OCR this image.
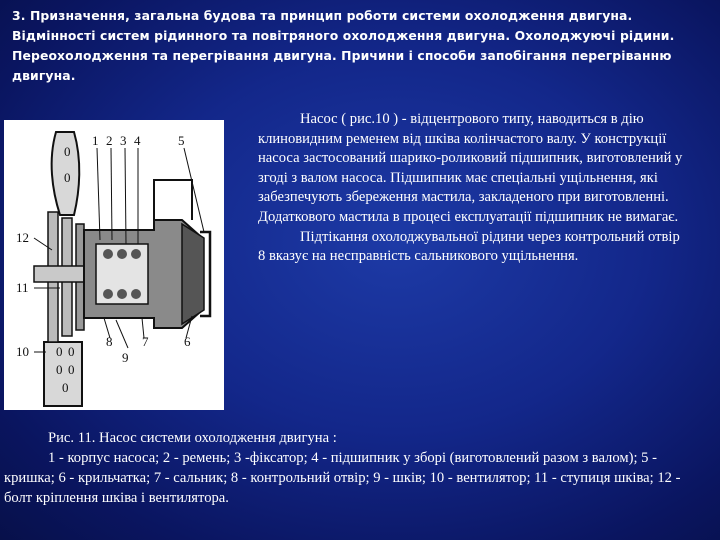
3. Призначення, загальна будова та принцип роботи системи охолодження двигуна. Відмінності систем рідинного та повітряного охолодження двигуна. Охолоджуючі рідини. Переохолодження та перегрівання двигуна. Причини і способи запобігання перегріванню двигуна.
0
0
0 0
0 0
0
1 2 3 4	5
12
11
10	9
8 7	6

Насос ( рис.10 ) - відцентрового типу, наводиться в дію клиновидним ременем від шківа колінчастого валу. У конструкції насоса застосований шарико-роликовий підшипник, виготовлений у згоді з валом насоса. Підшипник має спеціальні ущільнення, які забезпечують збереження мастила, закладеного при виготовленні. Додаткового мастила в процесі експлуатації підшипник не вимагає.

Підтікання охолоджувальної рідини через контрольний отвір 8 вказує на несправність сальникового ущільнення.

Рис. 11. Насос системи охолодження двигуна :
1 - корпус насоса; 2 - ремень; 3 -фіксатор; 4 - підшипник у зборі (виготовлений разом з валом); 5 - кришка; 6 - крильчатка; 7 - сальник; 8 - контрольний отвір; 9 - шків; 10 - вентилятор; 11 - ступиця шківа; 12 - болт кріплення шківа і вентилятора.
